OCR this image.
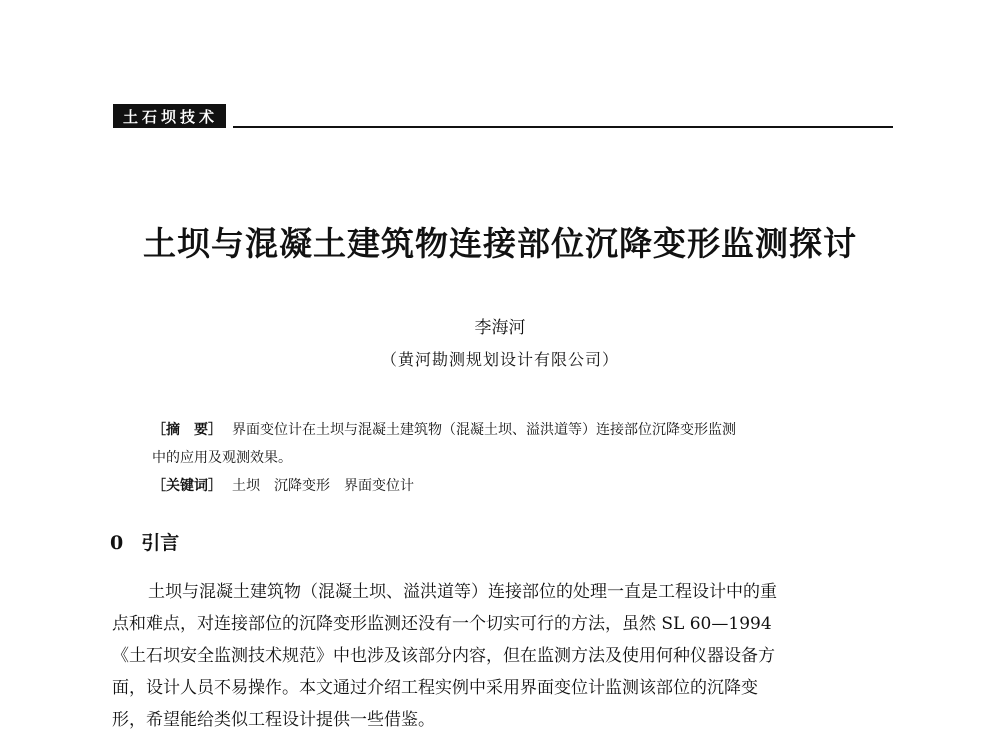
土石坝技术
土坝与混凝土建筑物连接部位沉降变形监测探讨
李海河
（黄河勘测规划设计有限公司）
［摘　要］ 界面变位计在土坝与混凝土建筑物（混凝土坝、溢洪道等）连接部位沉降变形监测
中的应用及观测效果。
［关键词］ 土坝 沉降变形 界面变位计
0 引言
土坝与混凝土建筑物（混凝土坝、溢洪道等）连接部位的处理一直是工程设计中的重
点和难点，对连接部位的沉降变形监测还没有一个切实可行的方法，虽然 SL 60—1994
《土石坝安全监测技术规范》中也涉及该部分内容，但在监测方法及使用何种仪器设备方
面，设计人员不易操作。本文通过介绍工程实例中采用界面变位计监测该部位的沉降变
形，希望能给类似工程设计提供一些借鉴。
